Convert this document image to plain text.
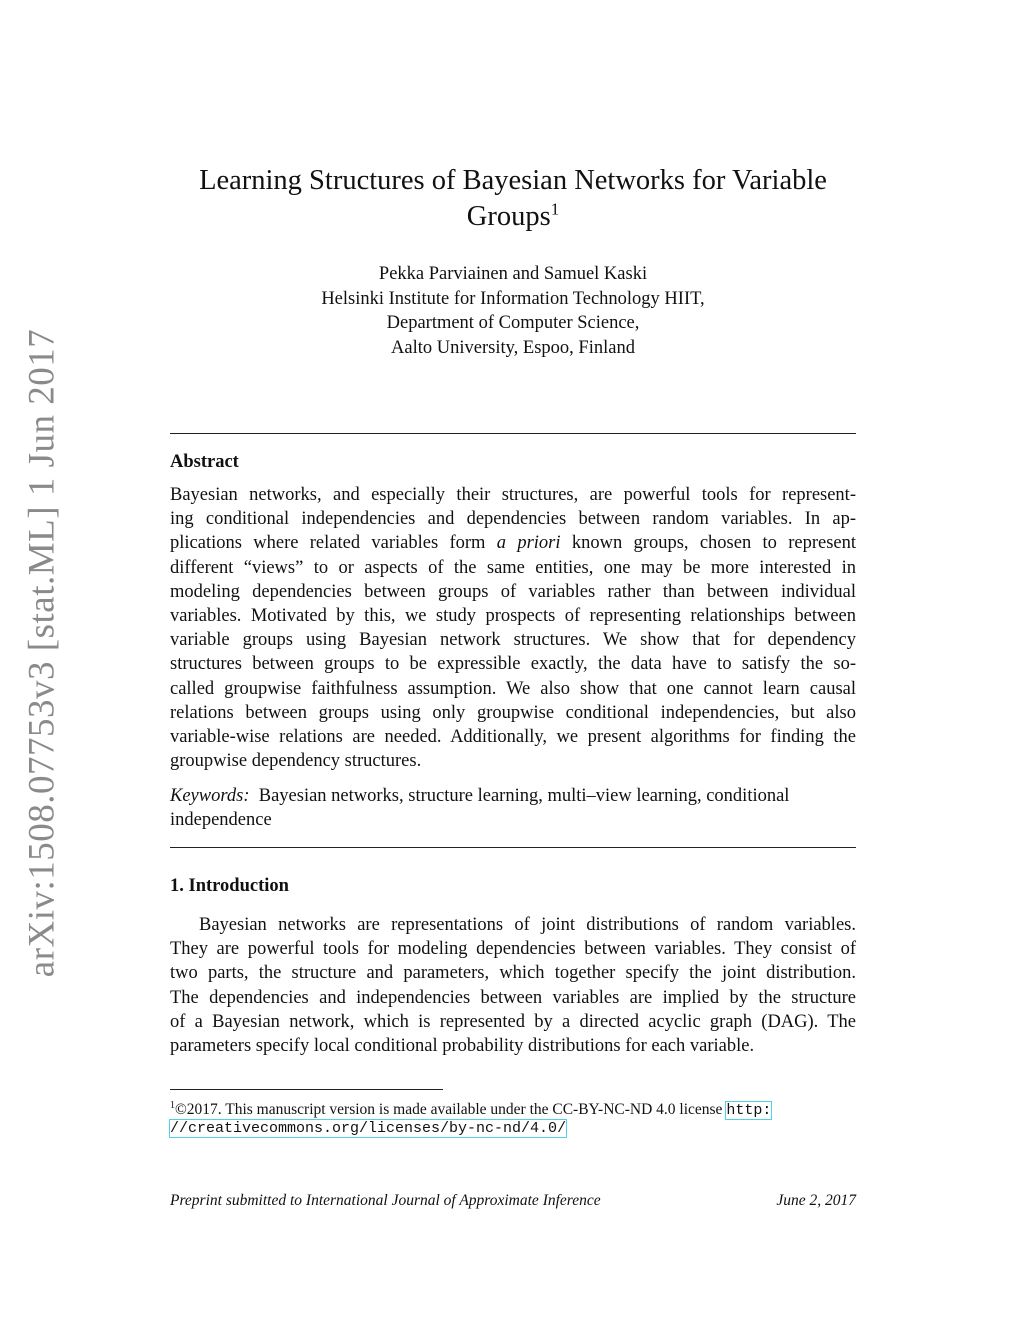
arXiv:1508.07753v3 [stat.ML] 1 Jun 2017
Learning Structures of Bayesian Networks for Variable
Groups$^1$
Pekka Parviainen and Samuel Kaski
Helsinki Institute for Information Technology HIIT,
Department of Computer Science,
Aalto University, Espoo, Finland
Abstract
Bayesian networks, and especially their structures, are powerful tools for represent-
ing conditional independencies and dependencies between random variables. In ap-
plications where related variables form a priori known groups, chosen to represent
different “views” to or aspects of the same entities, one may be more interested in
modeling dependencies between groups of variables rather than between individual
variables. Motivated by this, we study prospects of representing relationships between
variable groups using Bayesian network structures. We show that for dependency
structures between groups to be expressible exactly, the data have to satisfy the so-
called groupwise faithfulness assumption. We also show that one cannot learn causal
relations between groups using only groupwise conditional independencies, but also
variable-wise relations are needed. Additionally, we present algorithms for finding the
groupwise dependency structures.
Keywords: Bayesian networks, structure learning, multi–view learning, conditional
independence
1. Introduction
Bayesian networks are representations of joint distributions of random variables.
They are powerful tools for modeling dependencies between variables. They consist of
two parts, the structure and parameters, which together specify the joint distribution.
The dependencies and independencies between variables are implied by the structure
of a Bayesian network, which is represented by a directed acyclic graph (DAG). The
parameters specify local conditional probability distributions for each variable.
$^1$©2017. This manuscript version is made available under the CC-BY-NC-ND 4.0 license http:
//creativecommons.org/licenses/by-nc-nd/4.0/
Preprint submitted to International Journal of Approximate Inference	June 2, 2017
